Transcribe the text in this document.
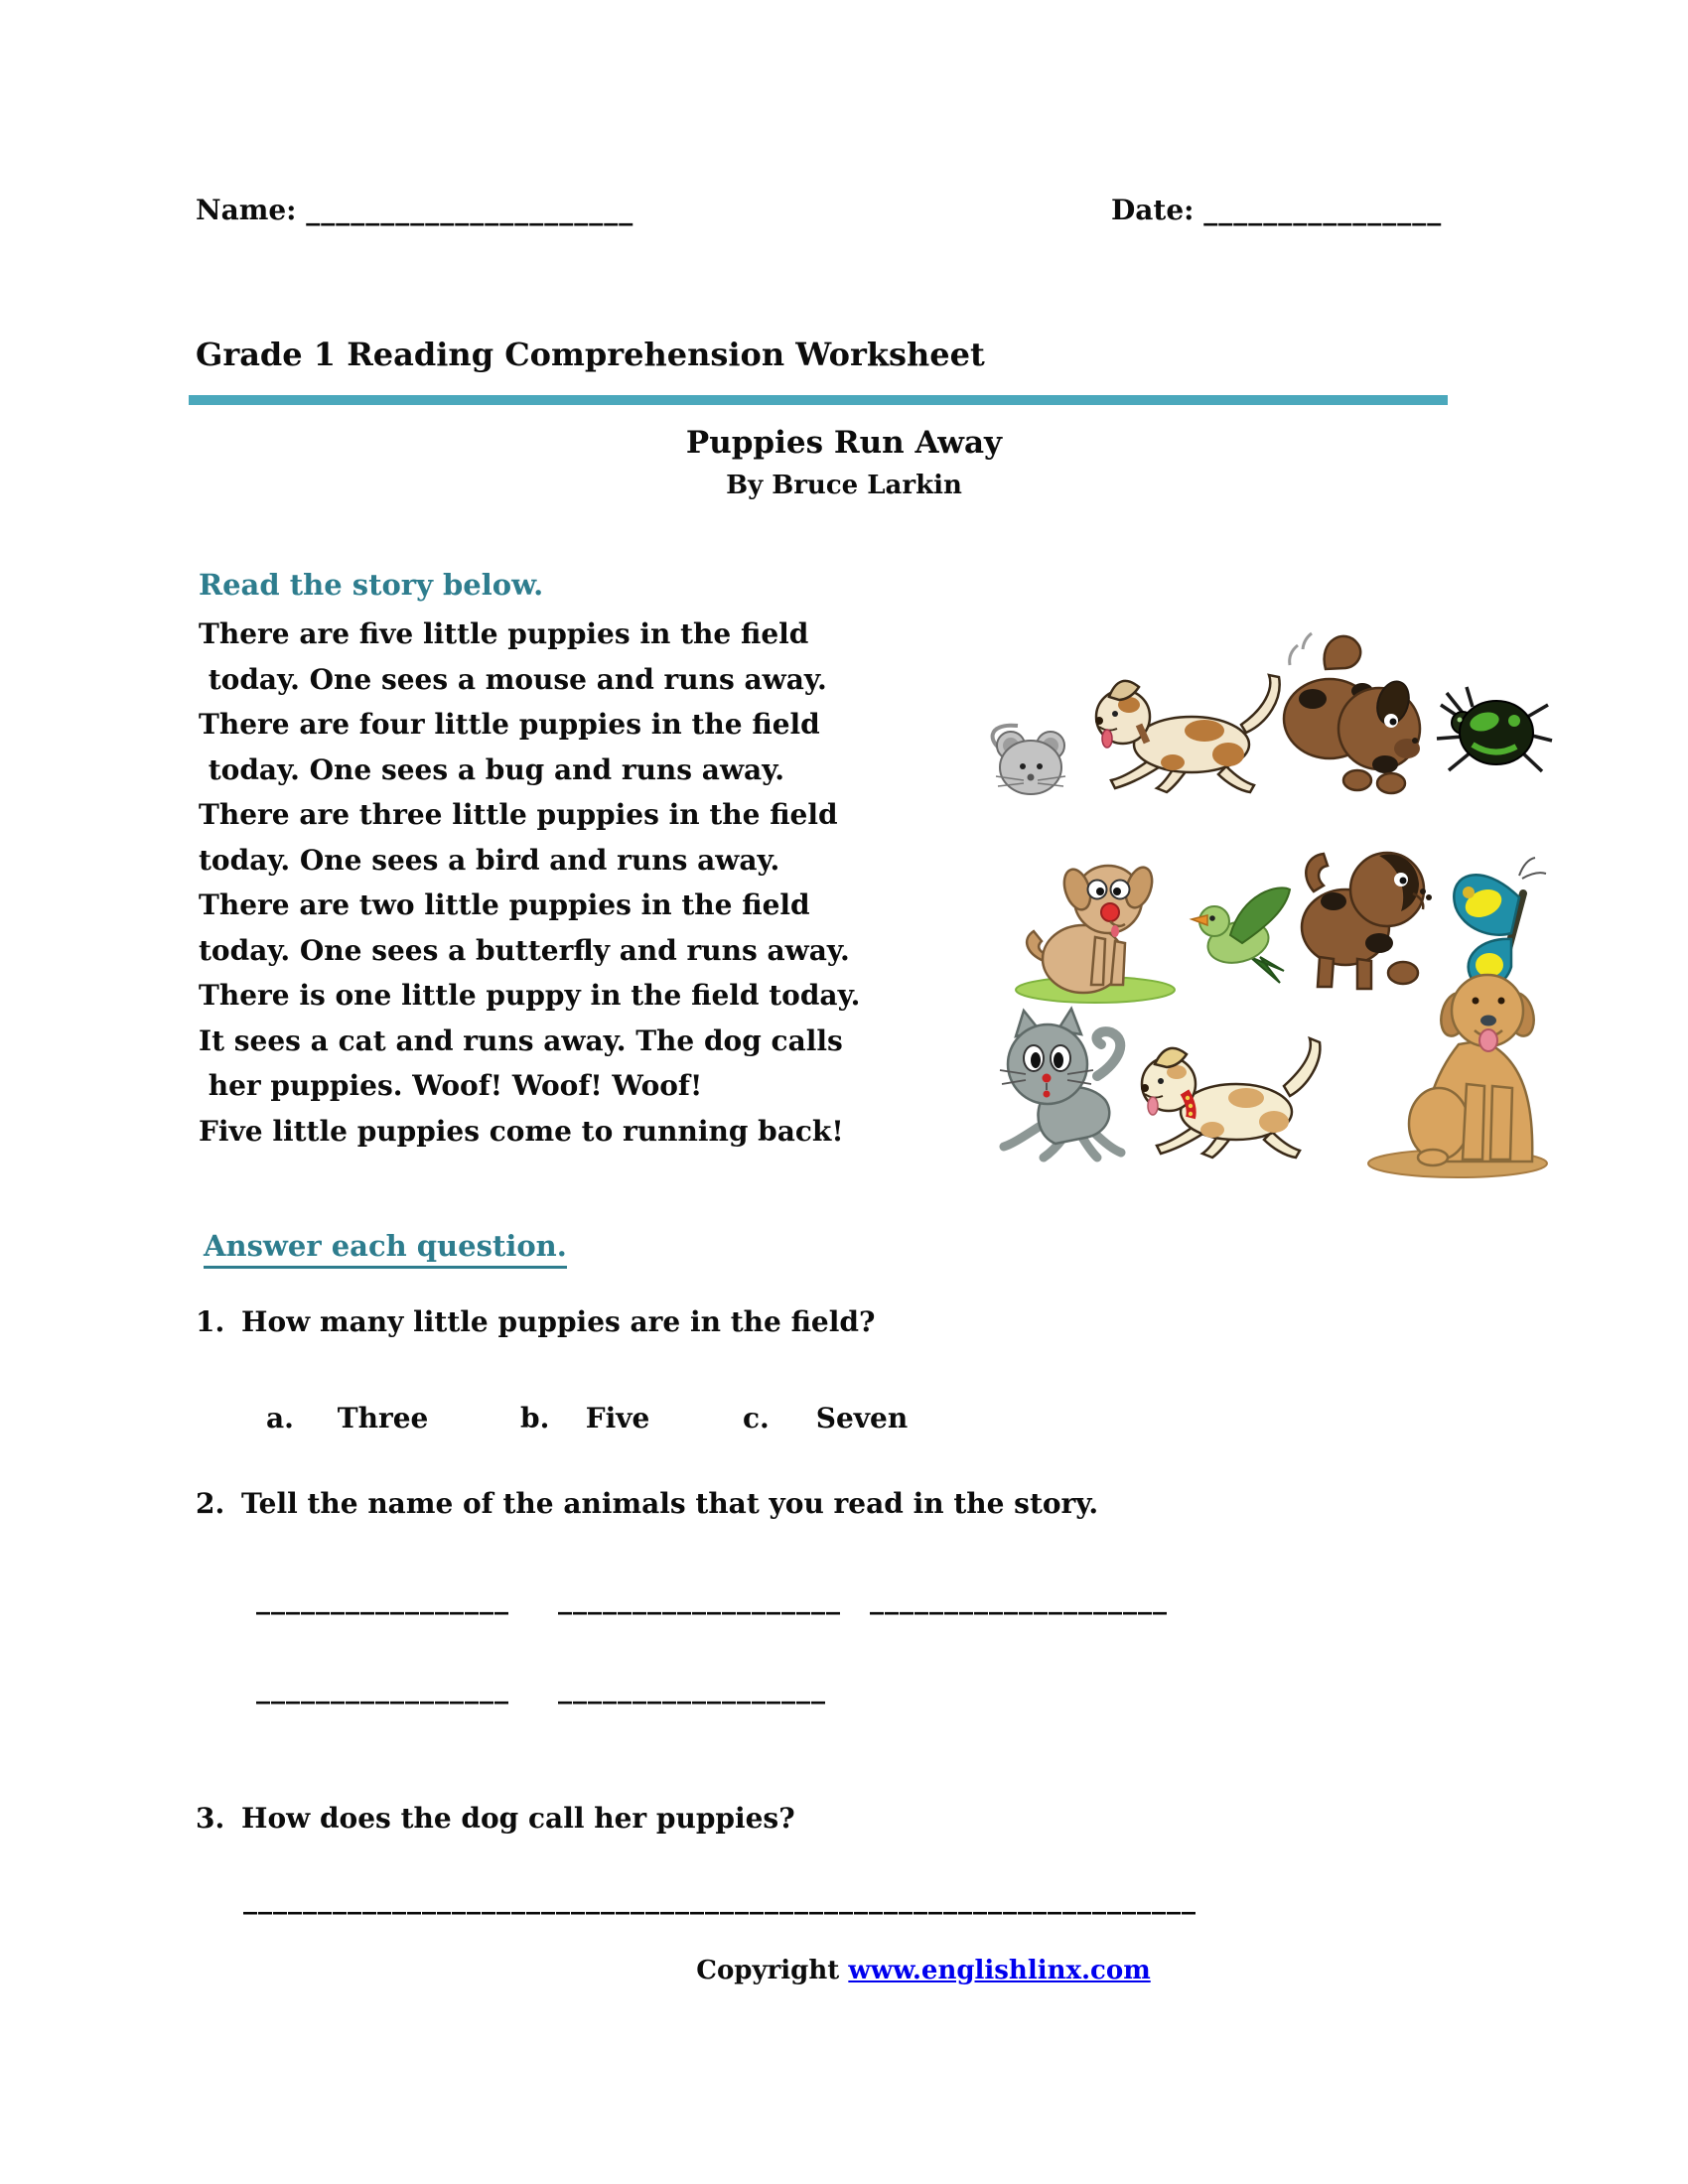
Name: ______________________	Date: ________________
Grade 1 Reading Comprehension Worksheet
Puppies Run Away
By Bruce Larkin
Read the story below.
There are five little puppies in the field
today. One sees a mouse and runs away.
There are four little puppies in the field
today. One sees a bug and runs away.
There are three little puppies in the field
today. One sees a bird and runs away.
There are two little puppies in the field
today. One sees a butterfly and runs away.
There is one little puppy in the field today.
It sees a cat and runs away. The dog calls
her puppies. Woof! Woof! Woof!
Five little puppies come to running back!
Answer each question.
1. How many little puppies are in the field?
a. Three	b. Five	c. Seven
2. Tell the name of the animals that you read in the story.
_________________ ___________________ ____________________
_________________ __________________
3. How does the dog call her puppies?
________________________________________________________________
Copyright www.englishlinx.com
